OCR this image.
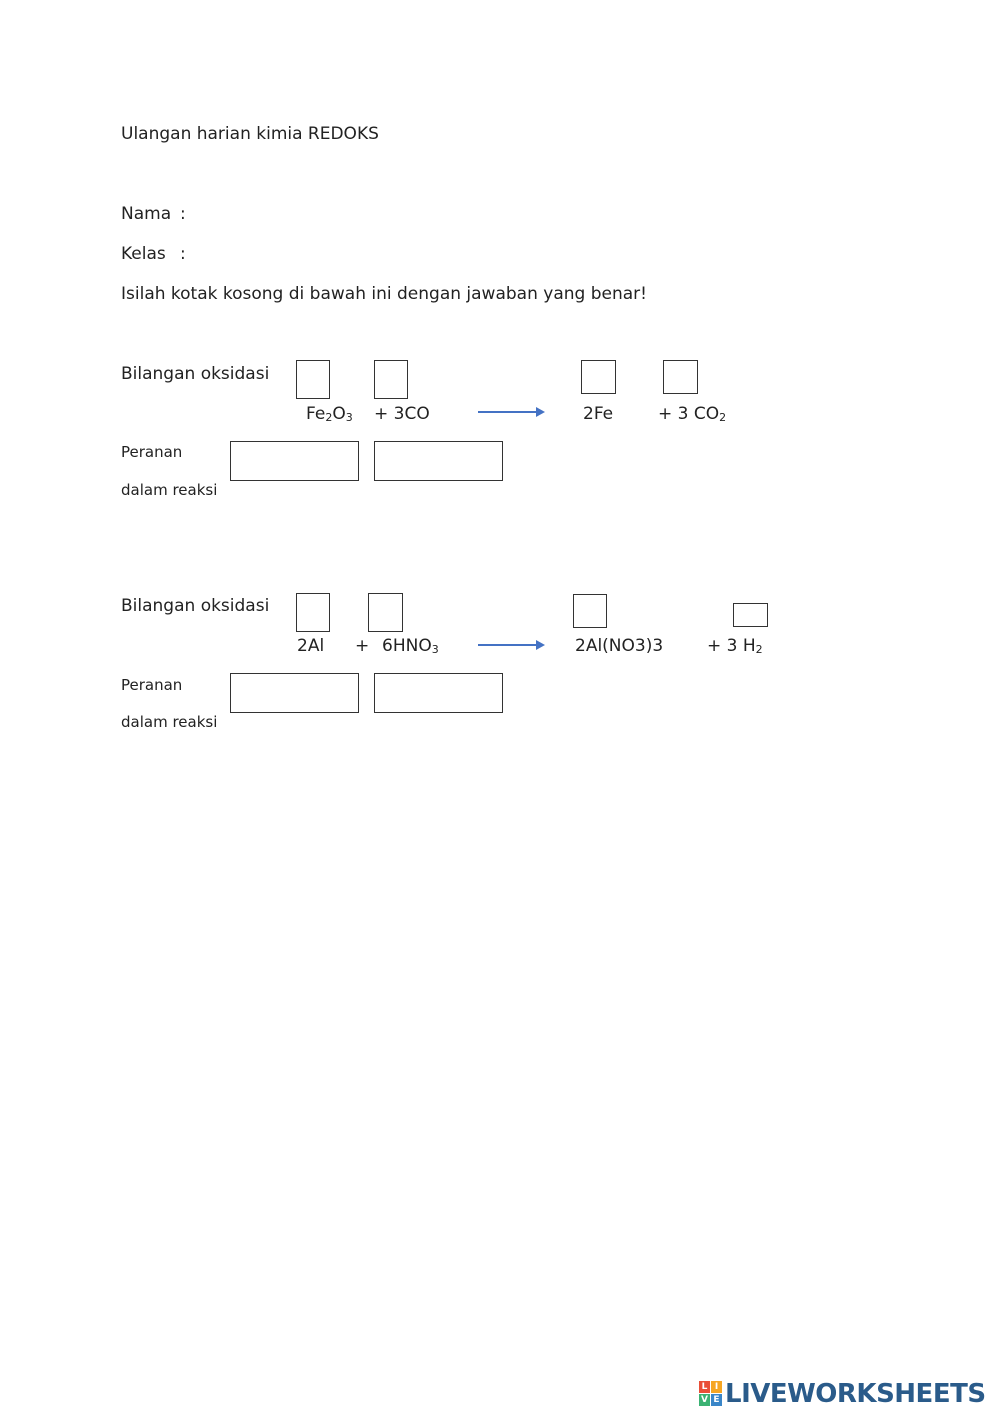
Ulangan harian kimia REDOKS
Nama :
Kelas :
Isilah kotak kosong di bawah ini dengan jawaban yang benar!
Bilangan oksidasi
$Fe_2O_3 + 3CO$	2Fe	+ 3 $CO_2$
Peranan
dalam reaksi
Bilangan oksidasi
$2Al + 6HNO_3$	2Al(NO3)3	+ 3 $H_2$
Peranan
dalam reaksi
L I
V E LIVEWORKSHEETS
